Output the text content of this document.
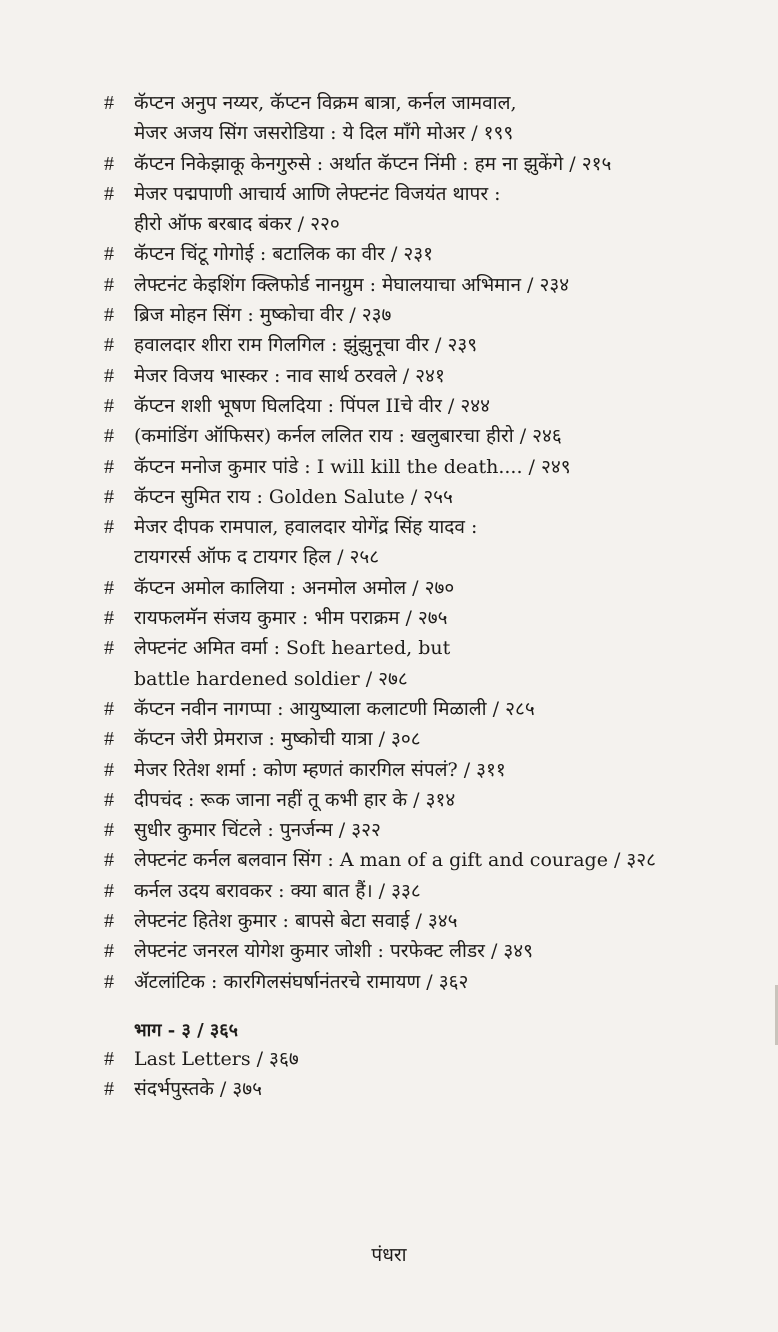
#	कॅप्टन अनुप नय्यर, कॅप्टन विक्रम बात्रा, कर्नल जामवाल,
मेजर अजय सिंग जसरोडिया : ये दिल माँगे मोअर / १९९
#	कॅप्टन निकेझाकू केनगुरुसे : अर्थात कॅप्टन निंमी : हम ना झुकेंगे / २१५
#	मेजर पद्मपाणी आचार्य आणि लेफ्टनंट विजयंत थापर :
हीरो ऑफ बरबाद बंकर / २२०
#	कॅप्टन चिंटू गोगोई : बटालिक का वीर / २३१
#	लेफ्टनंट केइशिंग क्लिफोर्ड नानग्रुम : मेघालयाचा अभिमान / २३४
#	ब्रिज मोहन सिंग : मुष्कोचा वीर / २३७
#	हवालदार शीरा राम गिलगिल : झुंझुनूचा वीर / २३९
#	मेजर विजय भास्कर : नाव सार्थ ठरवले / २४१
#	कॅप्टन शशी भूषण घिलदिया : पिंपल IIचे वीर / २४४
#	(कमांडिंग ऑफिसर) कर्नल ललित राय : खलुबारचा हीरो / २४६
#	कॅप्टन मनोज कुमार पांडे : I will kill the death.... / २४९
#	कॅप्टन सुमित राय : Golden Salute / २५५
#	मेजर दीपक रामपाल, हवालदार योगेंद्र सिंह यादव :
टायगरर्स ऑफ द टायगर हिल / २५८
#	कॅप्टन अमोल कालिया : अनमोल अमोल / २७०
#	रायफलमॅन संजय कुमार : भीम पराक्रम / २७५
#	लेफ्टनंट अमित वर्मा : Soft hearted, but
battle hardened soldier / २७८
#	कॅप्टन नवीन नागप्पा : आयुष्याला कलाटणी मिळाली / २८५
#	कॅप्टन जेरी प्रेमराज : मुष्कोची यात्रा / ३०८
#	मेजर रितेश शर्मा : कोण म्हणतं कारगिल संपलं? / ३११
#	दीपचंद : रूक जाना नहीं तू कभी हार के / ३१४
#	सुधीर कुमार चिंटले : पुनर्जन्म / ३२२
#	लेफ्टनंट कर्नल बलवान सिंग : A man of a gift and courage / ३२८
#	कर्नल उदय बरावकर : क्या बात हैं। / ३३८
#	लेफ्टनंट हितेश कुमार : बापसे बेटा सवाई / ३४५
#	लेफ्टनंट जनरल योगेश कुमार जोशी : परफेक्ट लीडर / ३४९
#	ॲटलांटिक : कारगिलसंघर्षानंतरचे रामायण / ३६२
भाग - ३ / ३६५
#	Last Letters / ३६७
#	संदर्भपुस्तके / ३७५
पंधरा
